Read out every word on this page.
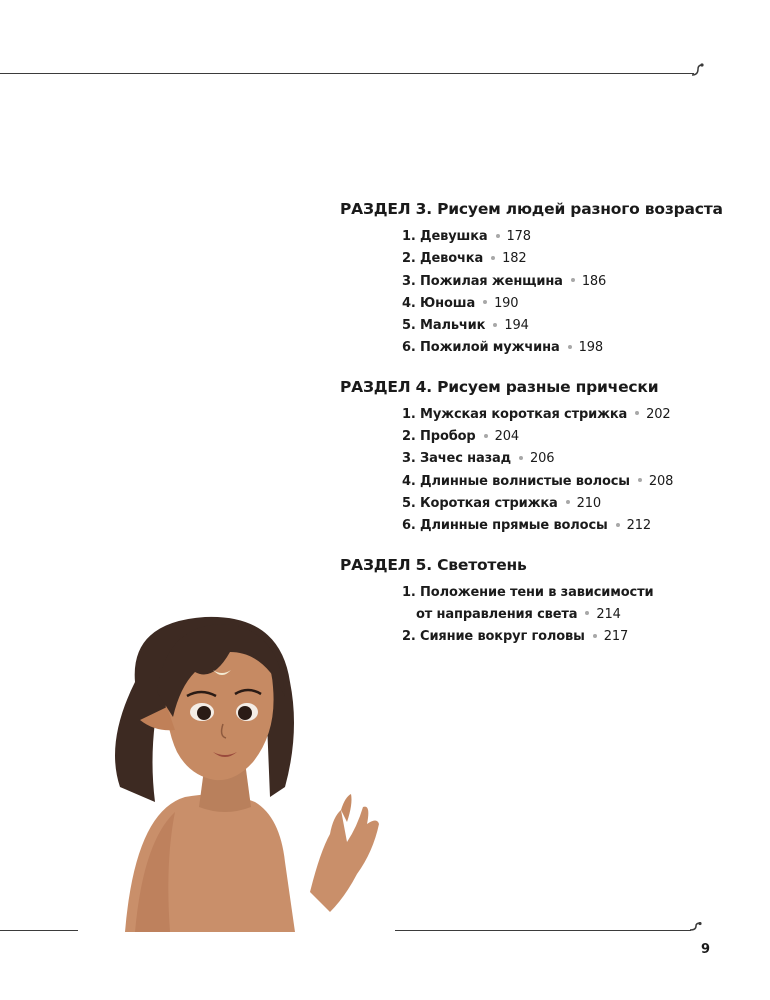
РАЗДЕЛ 3. Рисуем людей разного возраста
1. Девушка 178
2. Девочка 182
3. Пожилая женщина 186
4. Юноша 190
5. Мальчик 194
6. Пожилой мужчина 198
РАЗДЕЛ 4. Рисуем разные прически
1. Мужская короткая стрижка 202
2. Пробор 204
3. Зачес назад 206
4. Длинные волнистые волосы 208
5. Короткая стрижка 210
6. Длинные прямые волосы 212
РАЗДЕЛ 5. Светотень
1. Положение тени в зависимости
от направления света 214
2. Сияние вокруг головы 217
9
